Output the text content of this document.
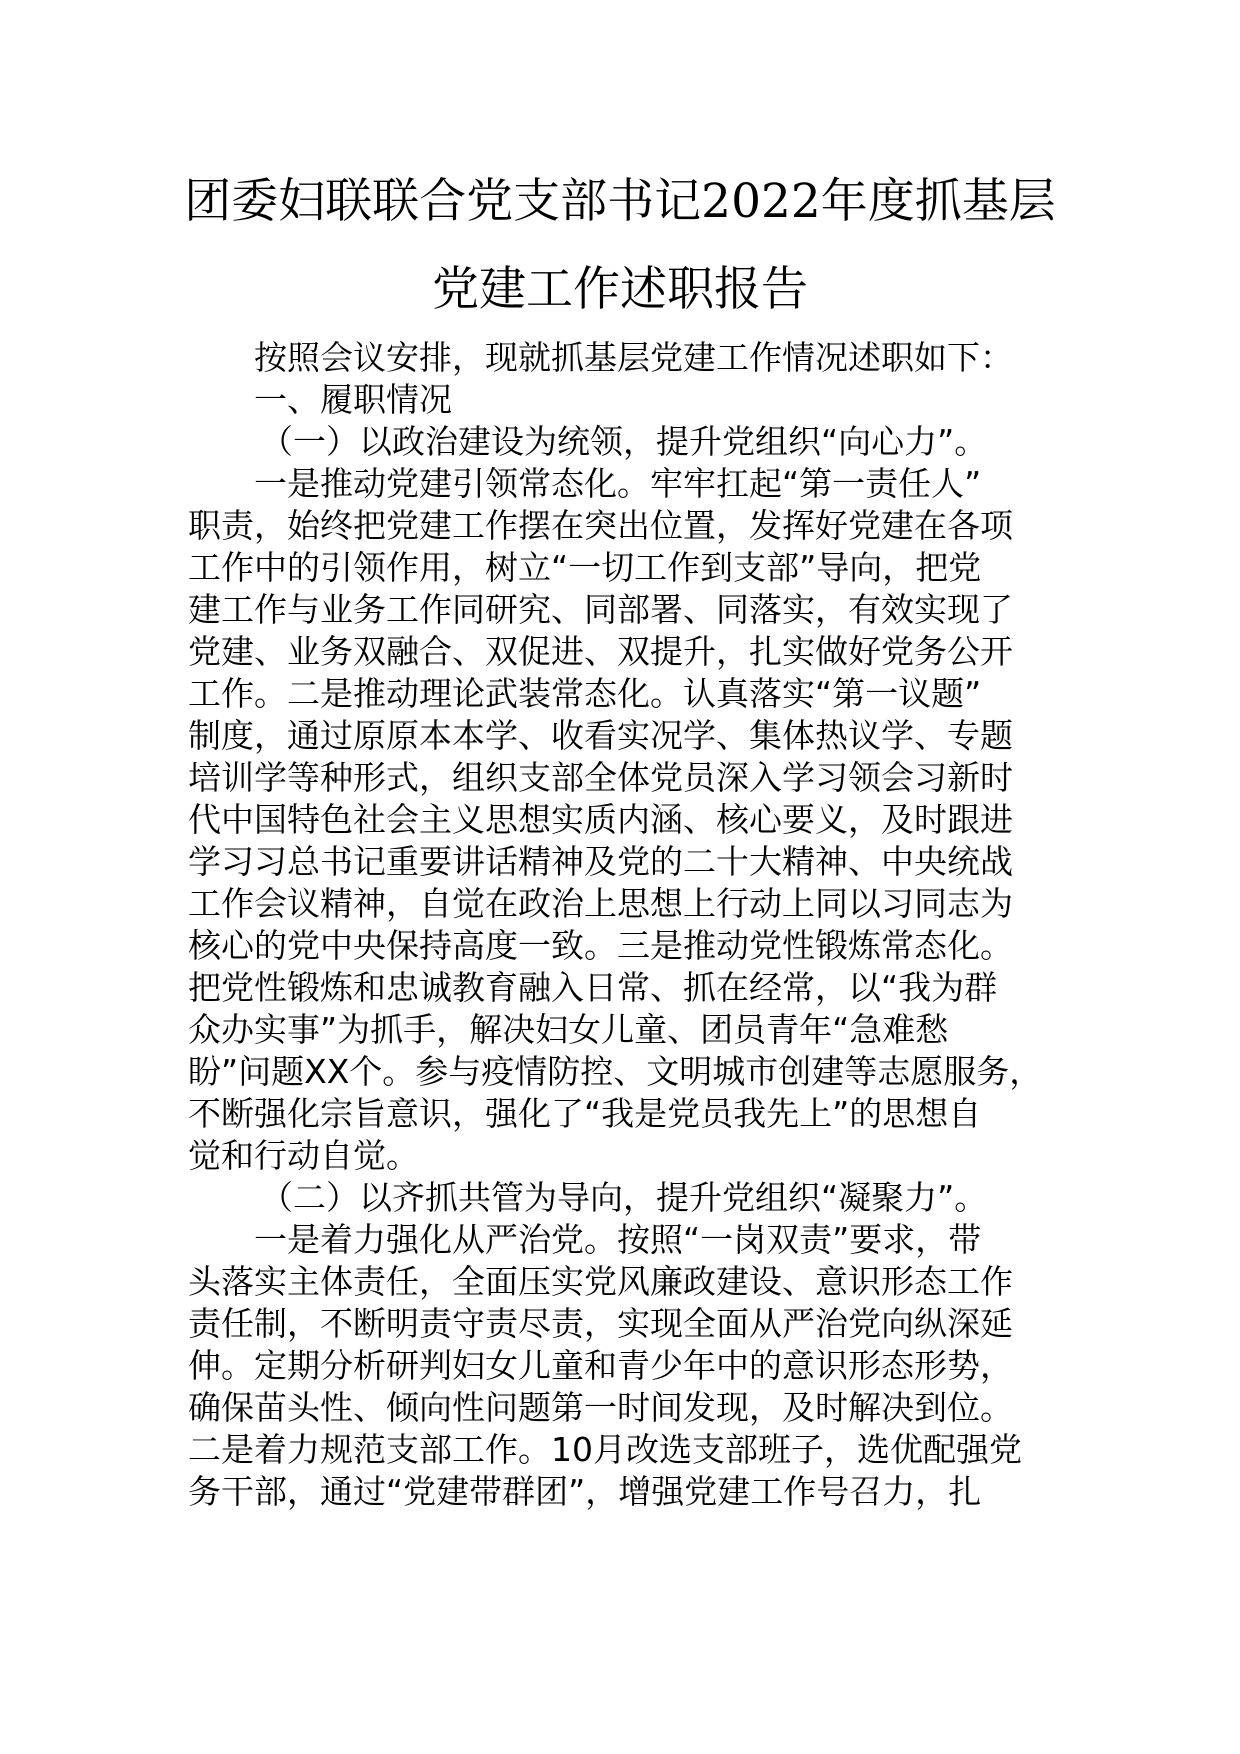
团委妇联联合党支部书记2022年度抓基层
党建工作述职报告

按照会议安排，现就抓基层党建工作情况述职如下：

一、履职情况

（一）以政治建设为统领，提升党组织“向心力”。

一是推动党建引领常态化。牢牢扛起“第一责任人”

职责，始终把党建工作摆在突出位置，发挥好党建在各项

工作中的引领作用，树立“一切工作到支部”导向，把党

建工作与业务工作同研究、同部署、同落实，有效实现了

党建、业务双融合、双促进、双提升，扎实做好党务公开

工作。二是推动理论武装常态化。认真落实“第一议题”

制度，通过原原本本学、收看实况学、集体热议学、专题

培训学等种形式，组织支部全体党员深入学习领会习新时

代中国特色社会主义思想实质内涵、核心要义，及时跟进

学习习总书记重要讲话精神及党的二十大精神、中央统战

工作会议精神，自觉在政治上思想上行动上同以习同志为

核心的党中央保持高度一致。三是推动党性锻炼常态化。

把党性锻炼和忠诚教育融入日常、抓在经常，以“我为群

众办实事”为抓手，解决妇女儿童、团员青年“急难愁

盼”问题XX个。参与疫情防控、文明城市创建等志愿服务，

不断强化宗旨意识，强化了“我是党员我先上”的思想自

觉和行动自觉。

（二）以齐抓共管为导向，提升党组织“凝聚力”。

一是着力强化从严治党。按照“一岗双责”要求，带

头落实主体责任，全面压实党风廉政建设、意识形态工作

责任制，不断明责守责尽责，实现全面从严治党向纵深延

伸。定期分析研判妇女儿童和青少年中的意识形态形势，

确保苗头性、倾向性问题第一时间发现，及时解决到位。

二是着力规范支部工作。10月改选支部班子，选优配强党

务干部，通过“党建带群团”，增强党建工作号召力，扎
